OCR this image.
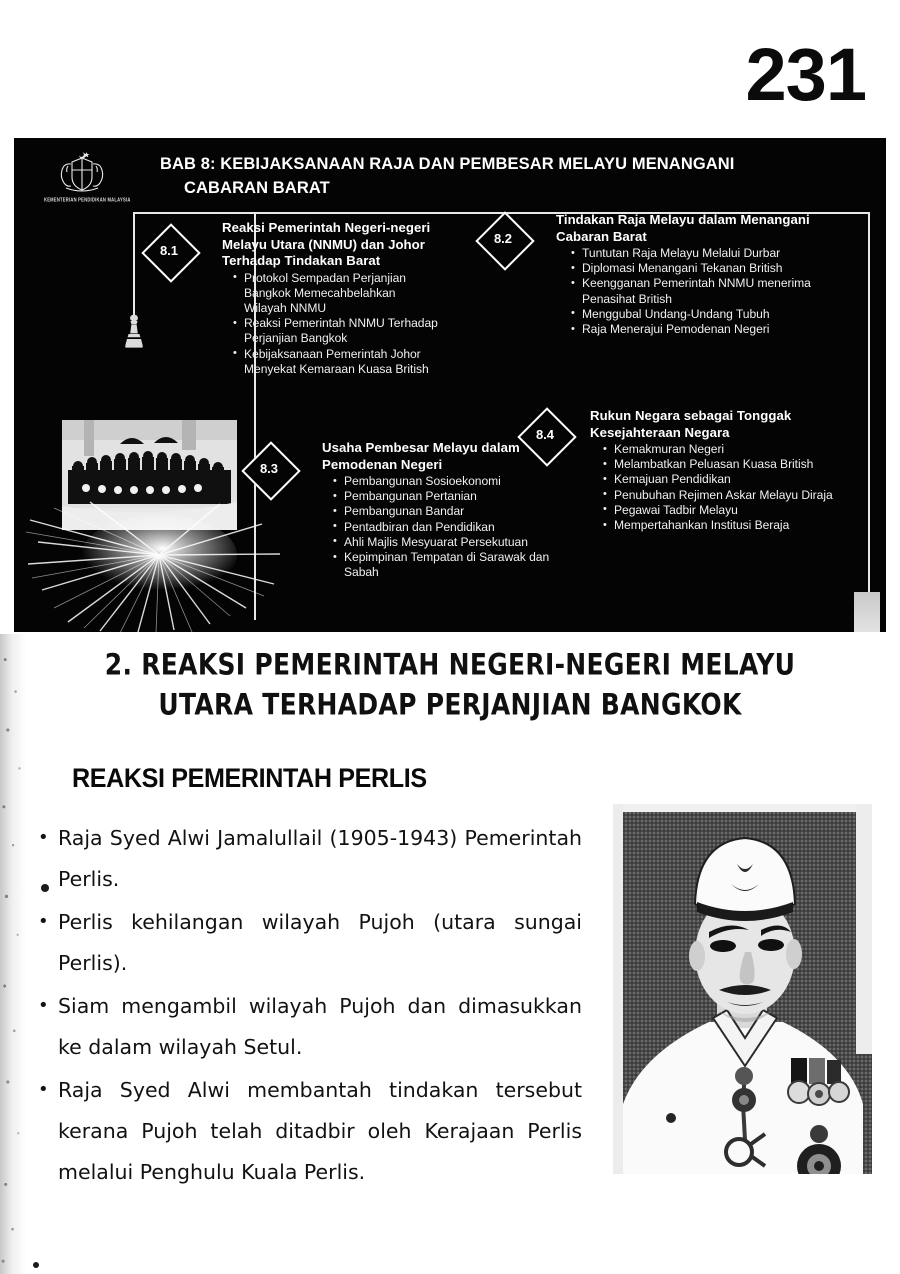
231
KEMENTERIAN PENDIDIKAN MALAYSIA
BAB 8: KEBIJAKSANAAN RAJA DAN PEMBESAR MELAYU MENANGANI
CABARAN BARAT
8.1
Reaksi Pemerintah Negeri-negeri Melayu Utara (NNMU) dan Johor Terhadap Tindakan Barat
• Protokol Sempadan Perjanjian Bangkok Memecahbelahkan Wilayah NNMU
• Reaksi Pemerintah NNMU Terhadap Perjanjian Bangkok
• Kebijaksanaan Pemerintah Johor Menyekat Kemaraan Kuasa British
8.2
Tindakan Raja Melayu dalam Menangani Cabaran Barat
• Tuntutan Raja Melayu Melalui Durbar
• Diplomasi Menangani Tekanan British
• Keengganan Pemerintah NNMU menerima Penasihat British
• Menggubal Undang-Undang Tubuh
• Raja Menerajui Pemodenan Negeri
8.3
Usaha Pembesar Melayu dalam Pemodenan Negeri
• Pembangunan Sosioekonomi
• Pembangunan Pertanian
• Pembangunan Bandar
• Pentadbiran dan Pendidikan
• Ahli Majlis Mesyuarat Persekutuan
• Kepimpinan Tempatan di Sarawak dan Sabah
8.4
Rukun Negara sebagai Tonggak Kesejahteraan Negara
• Kemakmuran Negeri
• Melambatkan Peluasan Kuasa British
• Kemajuan Pendidikan
• Penubuhan Rejimen Askar Melayu Diraja
• Pegawai Tadbir Melayu
• Mempertahankan Institusi Beraja
2. REAKSI PEMERINTAH NEGERI-NEGERI MELAYU
UTARA TERHADAP PERJANJIAN BANGKOK
REAKSI PEMERINTAH PERLIS
• Raja Syed Alwi Jamalullail (1905-1943) Pemerintah Perlis.
• Perlis kehilangan wilayah Pujoh (utara sungai Perlis).
• Siam mengambil wilayah Pujoh dan dimasukkan ke dalam wilayah Setul.
• Raja Syed Alwi membantah tindakan tersebut kerana Pujoh telah ditadbir oleh Kerajaan Perlis melalui Penghulu Kuala Perlis.
